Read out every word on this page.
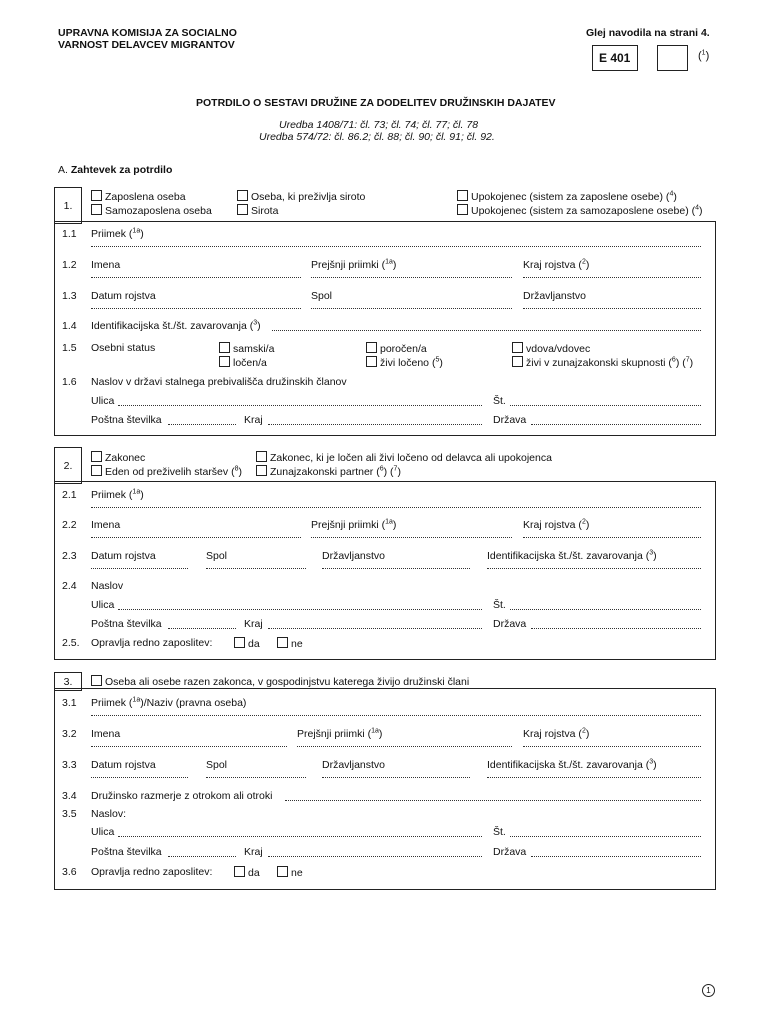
UPRAVNA KOMISIJA ZA SOCIALNO
VARNOST DELAVCEV MIGRANTOV
Glej navodila na strani 4.
E 401	($^1$)
POTRDILO O SESTAVI DRUŽINE ZA DODELITEV DRUŽINSKIH DAJATEV
Uredba 1408/71: čl. 73; čl. 74; čl. 77; čl. 78
Uredba 574/72: čl. 86.2; čl. 88; čl. 90; čl. 91; čl. 92.
A. Zahtevek za potrdilo
1.
Zaposlena oseba
Samozaposlena oseba
Oseba, ki preživlja siroto
Sirota
Upokojenec (sistem za zaposlene osebe) ($^4$)
Upokojenec (sistem za samozaposlene osebe) ($^4$)
1.1 Priimek ($^{1a}$)
1.2 Imena	Prejšnji priimki ($^{1a}$)	Kraj rojstva ($^2$)
1.3 Datum rojstva	Spol	Državljanstvo
1.4 Identifikacijska št./št. zavarovanja ($^3$)
1.5 Osebni status	samski/a	poročen/a	vdova/vdovec
ločen/a	živi ločeno ($^5$)	živi v zunajzakonski skupnosti ($^6$) ($^7$)
1.6 Naslov v državi stalnega prebivališča družinskih članov
Ulica	Št.
Poštna številka	Kraj	Država
2.
Zakonec
Eden od preživelih staršev ($^8$)
Zakonec, ki je ločen ali živi ločeno od delavca ali upokojenca
Zunajzakonski partner ($^6$) ($^7$)
2.1 Priimek ($^{1a}$)
2.2 Imena	Prejšnji priimki ($^{1a}$)	Kraj rojstva ($^2$)
2.3 Datum rojstva	Spol	Državljanstvo	Identifikacijska št./št. zavarovanja ($^3$)
2.4 Naslov
Ulica	Št.
Poštna številka	Kraj	Država
2.5. Opravlja redno zaposlitev:	da	ne
3.	Oseba ali osebe razen zakonca, v gospodinjstvu katerega živijo družinski člani
3.1 Priimek ($^{1a}$)/Naziv (pravna oseba)
3.2 Imena	Prejšnji priimki ($^{1a}$)	Kraj rojstva ($^2$)
3.3 Datum rojstva	Spol	Državljanstvo	Identifikacijska št./št. zavarovanja ($^3$)
3.4 Družinsko razmerje z otrokom ali otroki
3.5 Naslov:
Ulica	Št.
Poštna številka	Kraj	Država
3.6 Opravlja redno zaposlitev:	da	ne
1
